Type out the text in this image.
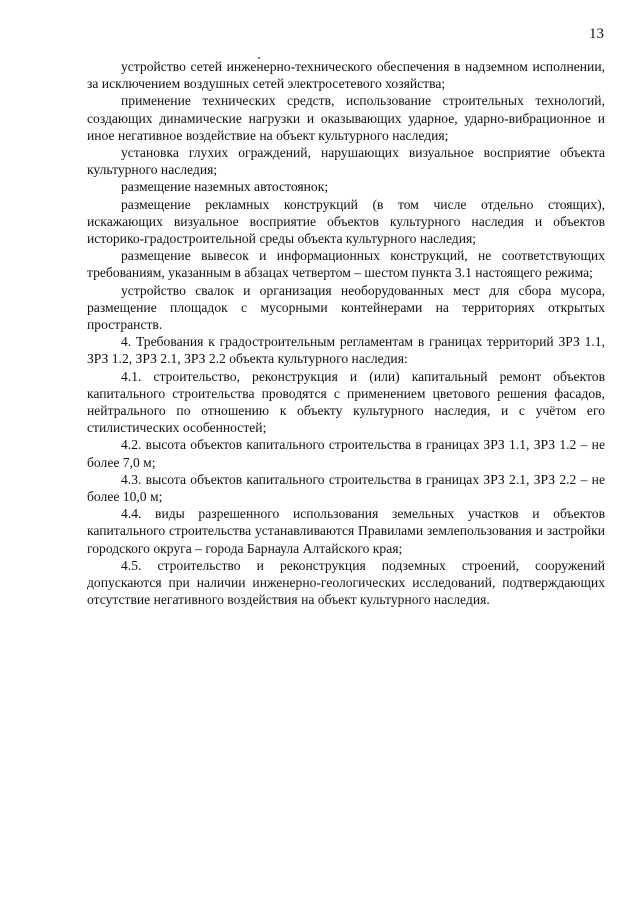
13

устройство сетей инженерно-технического обеспечения в надземном исполнении, за исключением воздушных сетей электросетевого хозяйства;

применение технических средств, использование строительных технологий, создающих динамические нагрузки и оказывающих ударное, ударно-вибрационное и иное негативное воздействие на объект культурного наследия;

установка глухих ограждений, нарушающих визуальное восприятие объекта культурного наследия;

размещение наземных автостоянок;

размещение рекламных конструкций (в том числе отдельно стоящих), искажающих визуальное восприятие объектов культурного наследия и объектов историко-градостроительной среды объекта культурного наследия;

размещение вывесок и информационных конструкций, не соответствующих требованиям, указанным в абзацах четвертом – шестом пункта 3.1 настоящего режима;

устройство свалок и организация необорудованных мест для сбора мусора, размещение площадок с мусорными контейнерами на территориях открытых пространств.

4. Требования к градостроительным регламентам в границах территорий ЗРЗ 1.1, ЗРЗ 1.2, ЗРЗ 2.1, ЗРЗ 2.2 объекта культурного наследия:

4.1. строительство, реконструкция и (или) капитальный ремонт объектов капитального строительства проводятся с применением цветового решения фасадов, нейтрального по отношению к объекту культурного наследия, и с учётом его стилистических особенностей;

4.2. высота объектов капитального строительства в границах ЗРЗ 1.1, ЗРЗ 1.2 – не более 7,0 м;

4.3. высота объектов капитального строительства в границах ЗРЗ 2.1, ЗРЗ 2.2 – не более 10,0 м;

4.4. виды разрешенного использования земельных участков и объектов капитального строительства устанавливаются Правилами землепользования и застройки городского округа – города Барнаула Алтайского края;

4.5. строительство и реконструкция подземных строений, сооружений допускаются при наличии инженерно-геологических исследований, подтверждающих отсутствие негативного воздействия на объект культурного наследия.
